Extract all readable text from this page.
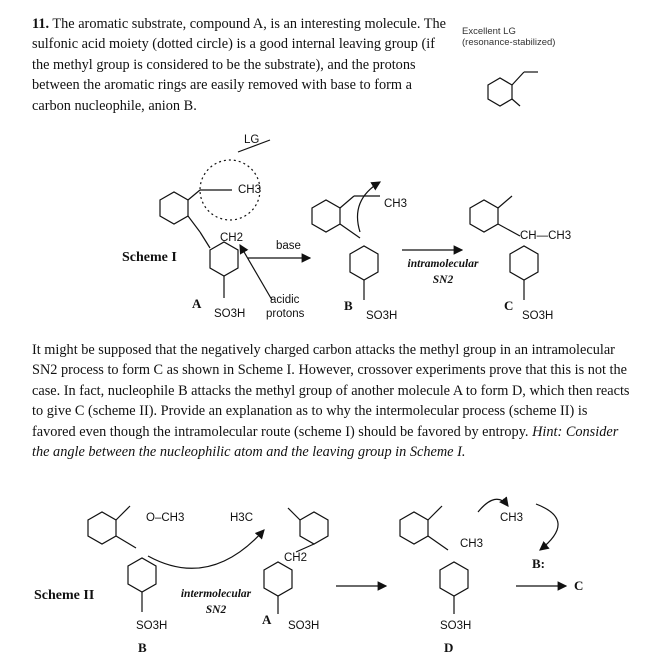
11. The aromatic substrate, compound A, is an interesting molecule. The sulfonic acid moiety (dotted circle) is a good internal leaving group (if the methyl group is considered to be the substrate), and the protons between the aromatic rings are easily removed with base to form a carbon nucleophile, anion B.
Excellent LG
(resonance-stabilized)
Scheme I
LG
CH3
CH2
base
acidic
protons
SO3H
A
CH3
SO3H
B
intramolecular
SN2
CH—CH3
SO3H
C
It might be supposed that the negatively charged carbon attacks the methyl group in an intramolecular SN2 process to form C as shown in Scheme I. However, crossover experiments prove that this is not the case. In fact, nucleophile B attacks the methyl group of another molecule A to form D, which then reacts to give C (scheme II). Provide an explanation as to why the intermolecular process (scheme II) is favored even though the intramolecular route (scheme I) should be favored by entropy. Hint: Consider the angle between the nucleophilic atom and the leaving group in Scheme I.
Scheme II
O–CH3
SO3H
B
intermolecular
SN2
H3C
CH2
A SO3H
CH3
CH3
SO3H
D
B:
C
